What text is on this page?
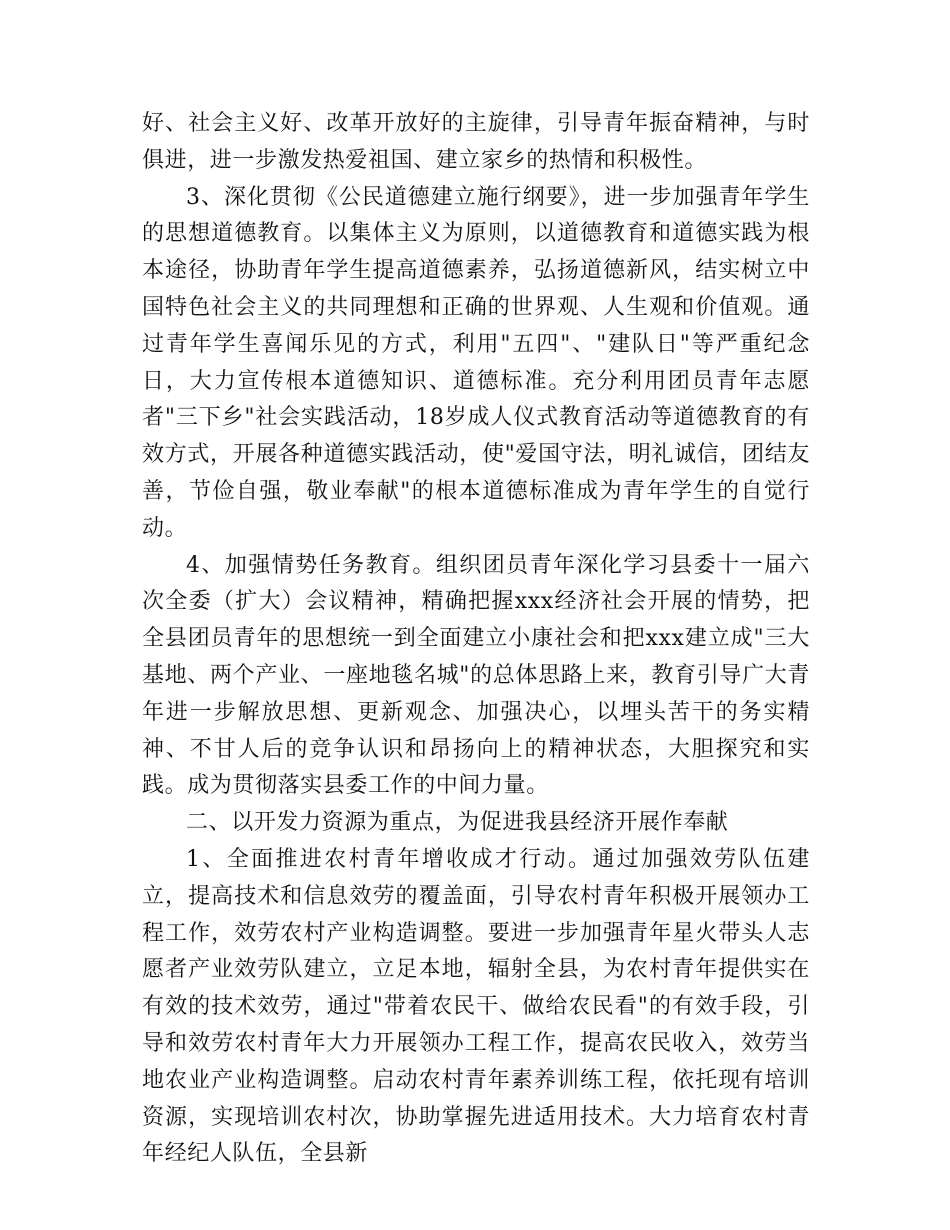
好、社会主义好、改革开放好的主旋律，引导青年振奋精神，与时俱进，进一步激发热爱祖国、建立家乡的热情和积极性。

3、深化贯彻《公民道德建立施行纲要》，进一步加强青年学生的思想道德教育。以集体主义为原则，以道德教育和道德实践为根本途径，协助青年学生提高道德素养，弘扬道德新风，结实树立中国特色社会主义的共同理想和正确的世界观、人生观和价值观。通过青年学生喜闻乐见的方式，利用"五四"、"建队日"等严重纪念日，大力宣传根本道德知识、道德标准。充分利用团员青年志愿者"三下乡"社会实践活动，18岁成人仪式教育活动等道德教育的有效方式，开展各种道德实践活动，使"爱国守法，明礼诚信，团结友善，节俭自强，敬业奉献"的根本道德标准成为青年学生的自觉行动。

4、加强情势任务教育。组织团员青年深化学习县委十一届六次全委（扩大）会议精神，精确把握xxx经济社会开展的情势，把全县团员青年的思想统一到全面建立小康社会和把xxx建立成"三大基地、两个产业、一座地毯名城"的总体思路上来，教育引导广大青年进一步解放思想、更新观念、加强决心，以埋头苦干的务实精神、不甘人后的竞争认识和昂扬向上的精神状态，大胆探究和实践。成为贯彻落实县委工作的中间力量。

二、以开发力资源为重点，为促进我县经济开展作奉献

1、全面推进农村青年增收成才行动。通过加强效劳队伍建立，提高技术和信息效劳的覆盖面，引导农村青年积极开展领办工程工作，效劳农村产业构造调整。要进一步加强青年星火带头人志愿者产业效劳队建立，立足本地，辐射全县，为农村青年提供实在有效的技术效劳，通过"带着农民干、做给农民看"的有效手段，引导和效劳农村青年大力开展领办工程工作，提高农民收入，效劳当地农业产业构造调整。启动农村青年素养训练工程，依托现有培训资源，实现培训农村次，协助掌握先进适用技术。大力培育农村青年经纪人队伍，全县新
